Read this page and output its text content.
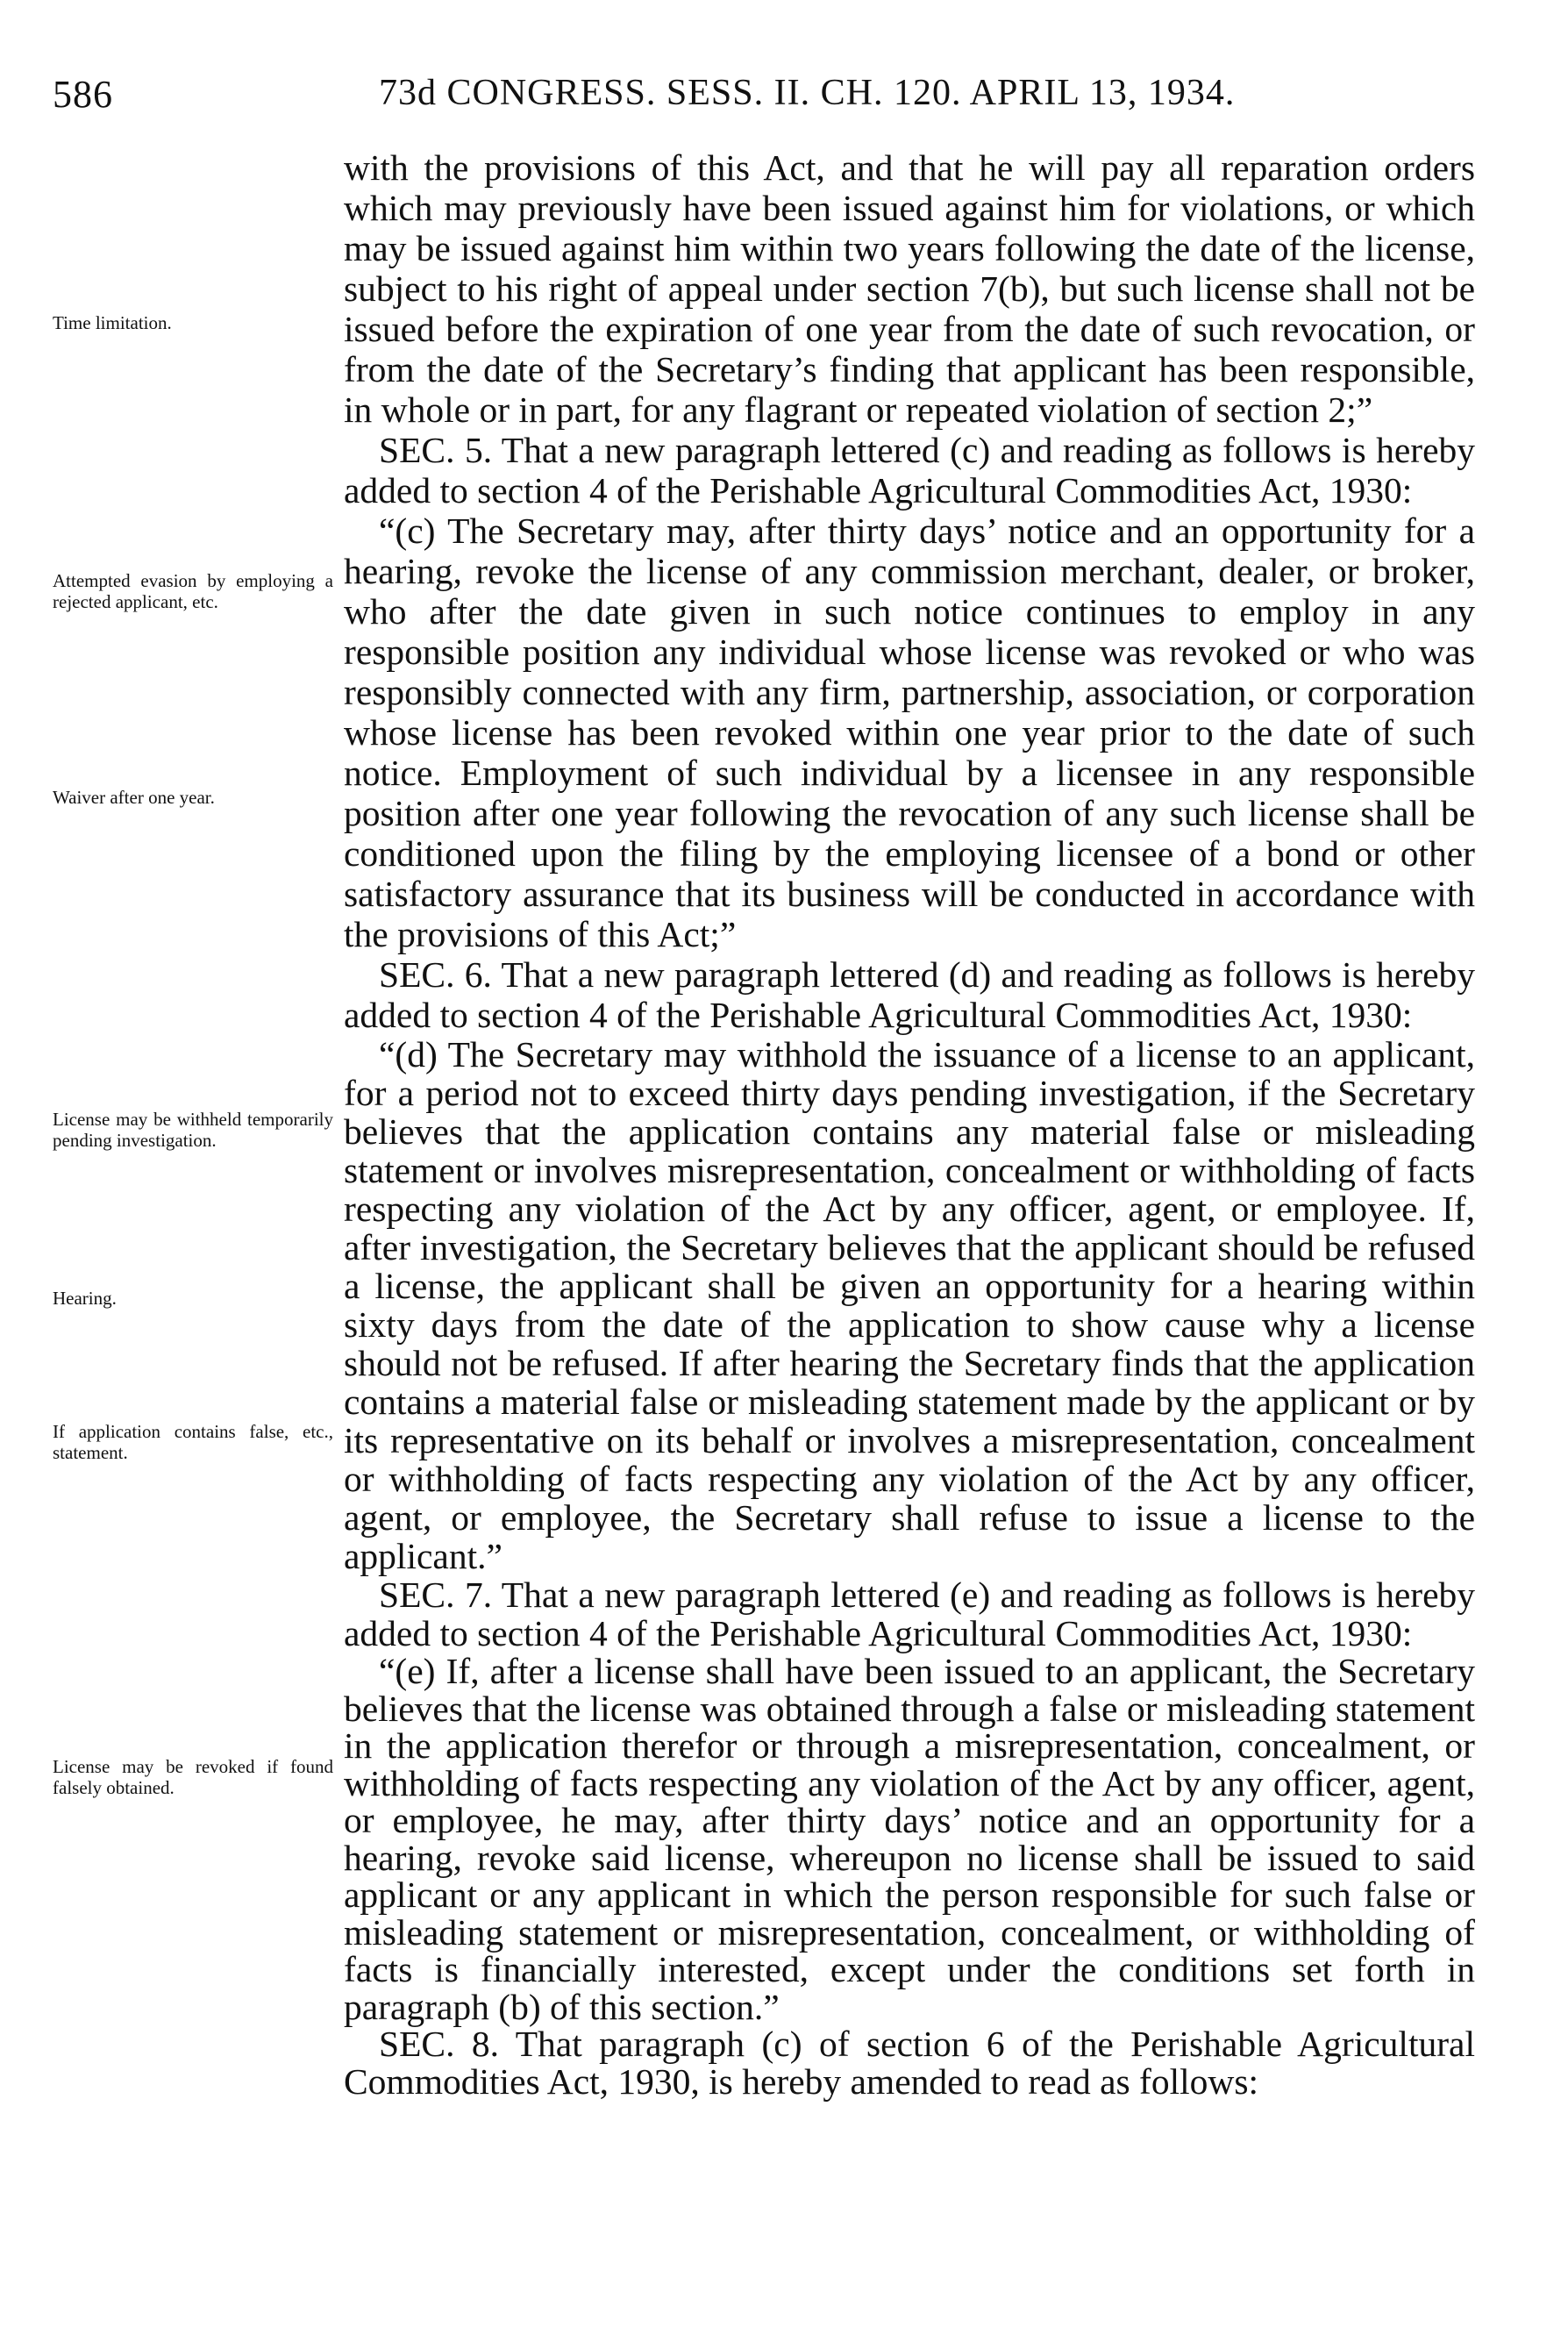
586	73d CONGRESS. SESS. II. CH. 120. APRIL 13, 1934.
Time limitation.
Attempted evasion by employing a rejected applicant, etc.
Waiver after one year.
License may be withheld temporarily pending investigation.
Hearing.
If application contains false, etc., statement.
License may be revoked if found falsely obtained.

with the provisions of this Act, and that he will pay all reparation orders which may previously have been issued against him for violations, or which may be issued against him within two years following the date of the license, subject to his right of appeal under section 7(b), but such license shall not be issued before the expiration of one year from the date of such revocation, or from the date of the Secretary’s finding that applicant has been responsible, in whole or in part, for any flagrant or repeated violation of section 2;”

SEC. 5. That a new paragraph lettered (c) and reading as follows is hereby added to section 4 of the Perishable Agricultural Commodities Act, 1930:

“(c) The Secretary may, after thirty days’ notice and an opportunity for a hearing, revoke the license of any commission merchant, dealer, or broker, who after the date given in such notice continues to employ in any responsible position any individual whose license was revoked or who was responsibly connected with any firm, partnership, association, or corporation whose license has been revoked within one year prior to the date of such notice. Employment of such individual by a licensee in any responsible position after one year following the revocation of any such license shall be conditioned upon the filing by the employing licensee of a bond or other satisfactory assurance that its business will be conducted in accordance with the provisions of this Act;”

SEC. 6. That a new paragraph lettered (d) and reading as follows is hereby added to section 4 of the Perishable Agricultural Commodities Act, 1930:

“(d) The Secretary may withhold the issuance of a license to an applicant, for a period not to exceed thirty days pending investigation, if the Secretary believes that the application contains any material false or misleading statement or involves misrepresentation, concealment or withholding of facts respecting any violation of the Act by any officer, agent, or employee. If, after investigation, the Secretary believes that the applicant should be refused a license, the applicant shall be given an opportunity for a hearing within sixty days from the date of the application to show cause why a license should not be refused. If after hearing the Secretary finds that the application contains a material false or misleading statement made by the applicant or by its representative on its behalf or involves a misrepresentation, concealment or withholding of facts respecting any violation of the Act by any officer, agent, or employee, the Secretary shall refuse to issue a license to the applicant.”

SEC. 7. That a new paragraph lettered (e) and reading as follows is hereby added to section 4 of the Perishable Agricultural Commodities Act, 1930:

“(e) If, after a license shall have been issued to an applicant, the Secretary believes that the license was obtained through a false or misleading statement in the application therefor or through a misrepresentation, concealment, or withholding of facts respecting any violation of the Act by any officer, agent, or employee, he may, after thirty days’ notice and an opportunity for a hearing, revoke said license, whereupon no license shall be issued to said applicant or any applicant in which the person responsible for such false or misleading statement or misrepresentation, concealment, or withholding of facts is financially interested, except under the conditions set forth in paragraph (b) of this section.”

SEC. 8. That paragraph (c) of section 6 of the Perishable Agricultural Commodities Act, 1930, is hereby amended to read as follows:
